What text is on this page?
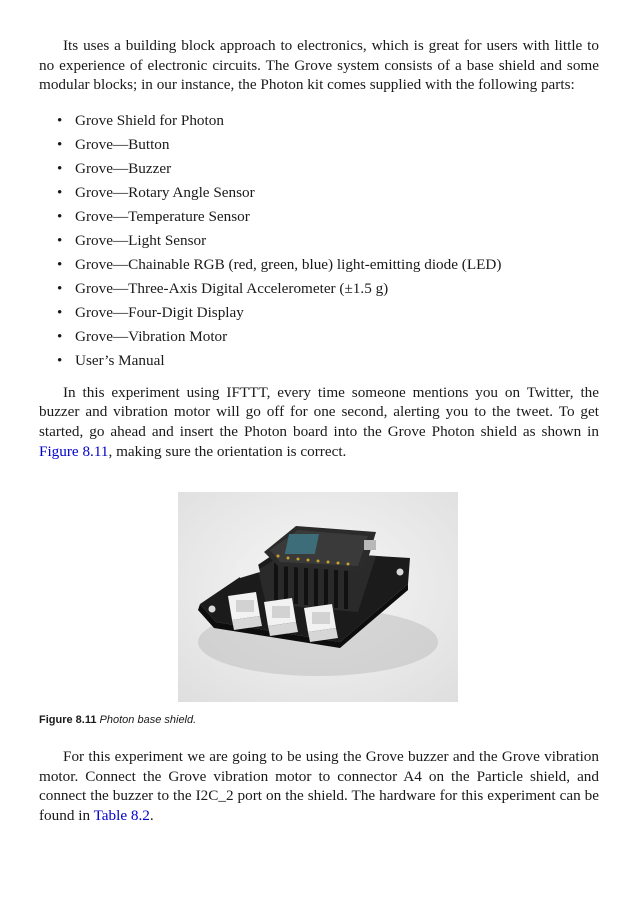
Its uses a building block approach to electronics, which is great for users with little to no experience of electronic circuits. The Grove system consists of a base shield and some modular blocks; in our instance, the Photon kit comes supplied with the following parts:

• Grove Shield for Photon
• Grove—Button
• Grove—Buzzer
• Grove—Rotary Angle Sensor
• Grove—Temperature Sensor
• Grove—Light Sensor
• Grove—Chainable RGB (red, green, blue) light-emitting diode (LED)
• Grove—Three-Axis Digital Accelerometer (±1.5 g)
• Grove—Four-Digit Display
• Grove—Vibration Motor
• User’s Manual

In this experiment using IFTTT, every time someone mentions you on Twitter, the buzzer and vibration motor will go off for one second, alerting you to the tweet. To get started, go ahead and insert the Photon board into the Grove Photon shield as shown in Figure 8.11, making sure the orientation is correct.

Figure 8.11 Photon base shield.

For this experiment we are going to be using the Grove buzzer and the Grove vibration motor. Connect the Grove vibration motor to connector A4 on the Particle shield, and connect the buzzer to the I2C_2 port on the shield. The hardware for this experiment can be found in Table 8.2.
